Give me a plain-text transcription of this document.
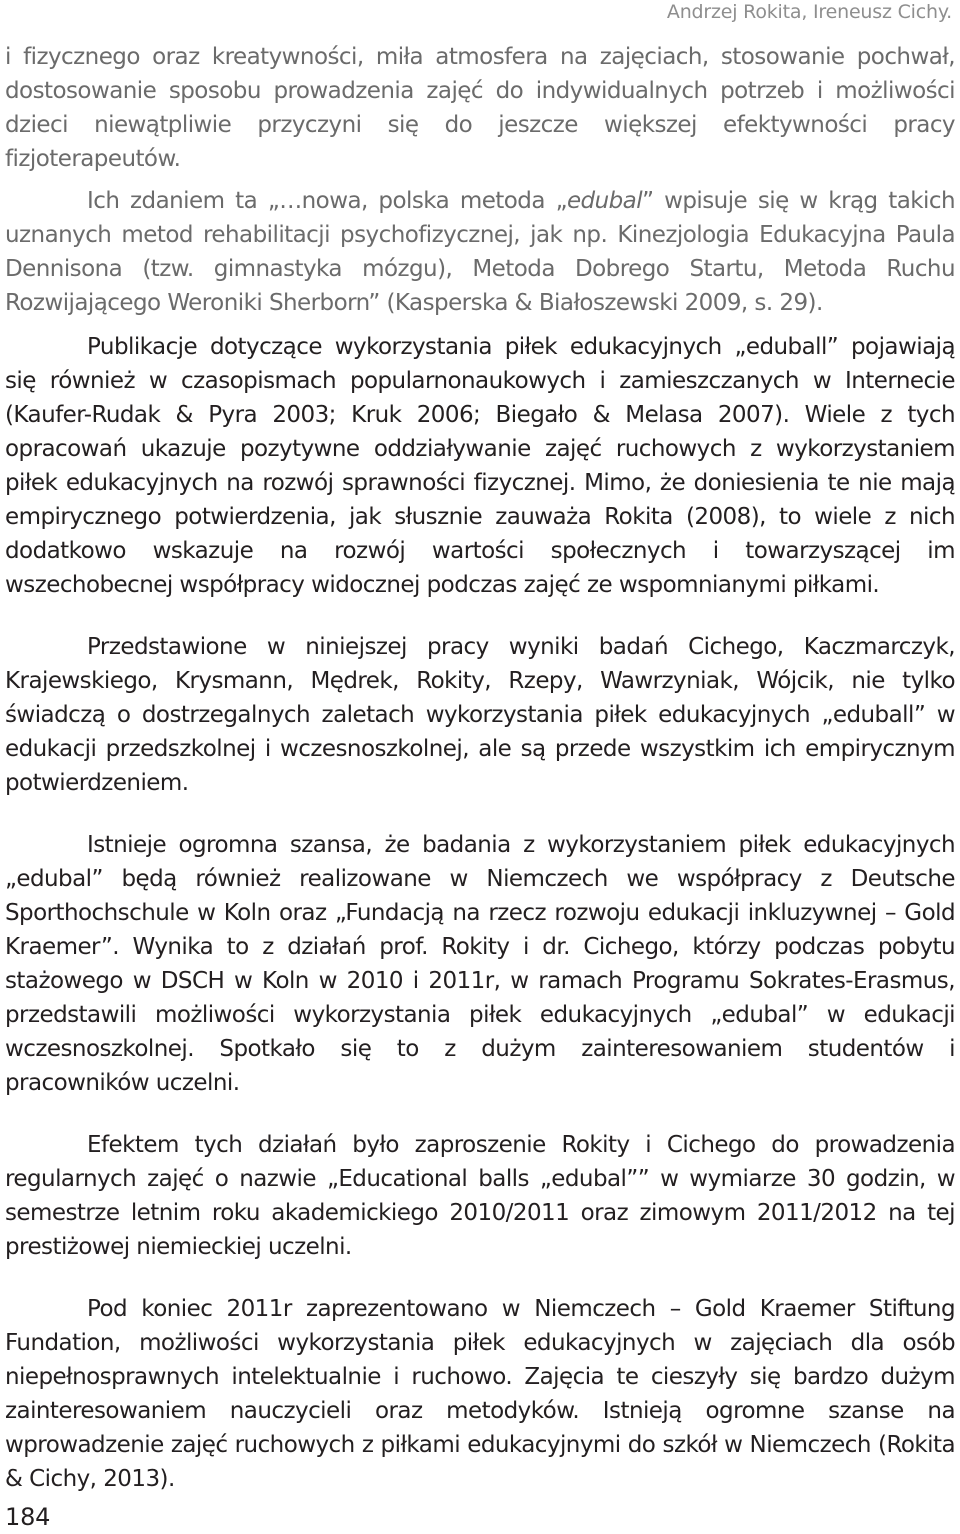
Andrzej Rokita, Ireneusz Cichy.

i fizycznego oraz kreatywności, miła atmosfera na zajęciach, stosowanie pochwał, dostosowanie sposobu prowadzenia zajęć do indywidualnych potrzeb i możliwości dzieci niewątpliwie przyczyni się do jeszcze większej efektywności pracy fizjoterapeutów.

Ich zdaniem ta „…nowa, polska metoda „edubal” wpisuje się w krąg takich uznanych metod rehabilitacji psychofizycznej, jak np. Kinezjologia Edukacyjna Paula Dennisona (tzw. gimnastyka mózgu), Metoda Dobrego Startu, Metoda Ruchu Rozwijającego Weroniki Sherborn” (Kasperska & Białoszewski 2009, s. 29).

Publikacje dotyczące wykorzystania piłek edukacyjnych „eduball” pojawiają się również w czasopismach popularnonaukowych i zamieszczanych w Internecie (Kaufer-Rudak & Pyra 2003; Kruk 2006; Biegało & Melasa 2007). Wiele z tych opracowań ukazuje pozytywne oddziaływanie zajęć ruchowych z wykorzystaniem piłek edukacyjnych na rozwój sprawności fizycznej. Mimo, że doniesienia te nie mają empirycznego potwierdzenia, jak słusznie zauważa Rokita (2008), to wiele z nich dodatkowo wskazuje na rozwój wartości społecznych i towarzyszącej im wszechobecnej współpracy widocznej podczas zajęć ze wspomnianymi piłkami.

Przedstawione w niniejszej pracy wyniki badań Cichego, Kaczmarczyk, Krajewskiego, Krysmann, Mędrek, Rokity, Rzepy, Wawrzyniak, Wójcik, nie tylko świadczą o dostrzegalnych zaletach wykorzystania piłek edukacyjnych „eduball” w edukacji przedszkolnej i wczesnoszkolnej, ale są przede wszystkim ich empirycznym potwierdzeniem.

Istnieje ogromna szansa, że badania z wykorzystaniem piłek edukacyjnych „edubal” będą również realizowane w Niemczech we współpracy z Deutsche Sporthochschule w Koln oraz „Fundacją na rzecz rozwoju edukacji inkluzywnej – Gold Kraemer”. Wynika to z działań prof. Rokity i dr. Cichego, którzy podczas pobytu stażowego w DSCH w Koln w 2010 i 2011r, w ramach Programu Sokrates-Erasmus, przedstawili możliwości wykorzystania piłek edukacyjnych „edubal” w edukacji wczesnoszkolnej. Spotkało się to z dużym zainteresowaniem studentów i pracowników uczelni.

Efektem tych działań było zaproszenie Rokity i Cichego do prowadzenia regularnych zajęć o nazwie „Educational balls „edubal”” w wymiarze 30 godzin, w semestrze letnim roku akademickiego 2010/2011 oraz zimowym 2011/2012 na tej prestiżowej niemieckiej uczelni.

Pod koniec 2011r zaprezentowano w Niemczech – Gold Kraemer Stiftung Fundation, możliwości wykorzystania piłek edukacyjnych w zajęciach dla osób niepełnosprawnych intelektualnie i ruchowo. Zajęcia te cieszyły się bardzo dużym zainteresowaniem nauczycieli oraz metodyków. Istnieją ogromne szanse na wprowadzenie zajęć ruchowych z piłkami edukacyjnymi do szkół w Niemczech (Rokita & Cichy, 2013).

184
